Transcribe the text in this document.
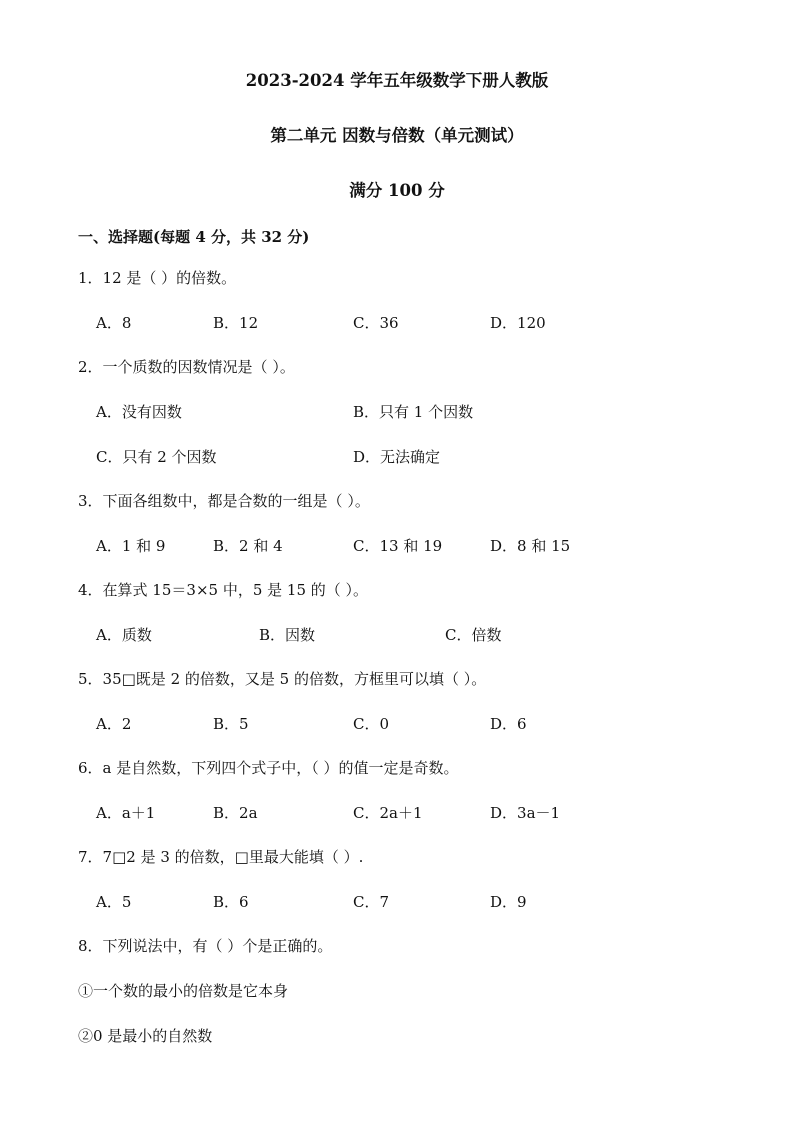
2023-2024 学年五年级数学下册人教版
第二单元 因数与倍数（单元测试）
满分 100 分
一、选择题(每题 4 分，共 32 分)
1．12 是（ ）的倍数。
A．8	B．12	C．36	D．120
2．一个质数的因数情况是（ ）。
A．没有因数	B．只有 1 个因数
C．只有 2 个因数	D．无法确定
3．下面各组数中，都是合数的一组是（ ）。
A．1 和 9	B．2 和 4	C．13 和 19	D．8 和 15
4．在算式 15＝3×5 中，5 是 15 的（ ）。
A．质数	B．因数	C．倍数
5．35□既是 2 的倍数，又是 5 的倍数，方框里可以填（ ）。
A．2	B．5	C．0	D．6
6．a 是自然数，下列四个式子中，（ ）的值一定是奇数。
A．a＋1	B．2a	C．2a＋1	D．3a－1
7．7□2 是 3 的倍数，□里最大能填（ ）.
A．5	B．6	C．7	D．9
8．下列说法中，有（ ）个是正确的。
①一个数的最小的倍数是它本身
②0 是最小的自然数
